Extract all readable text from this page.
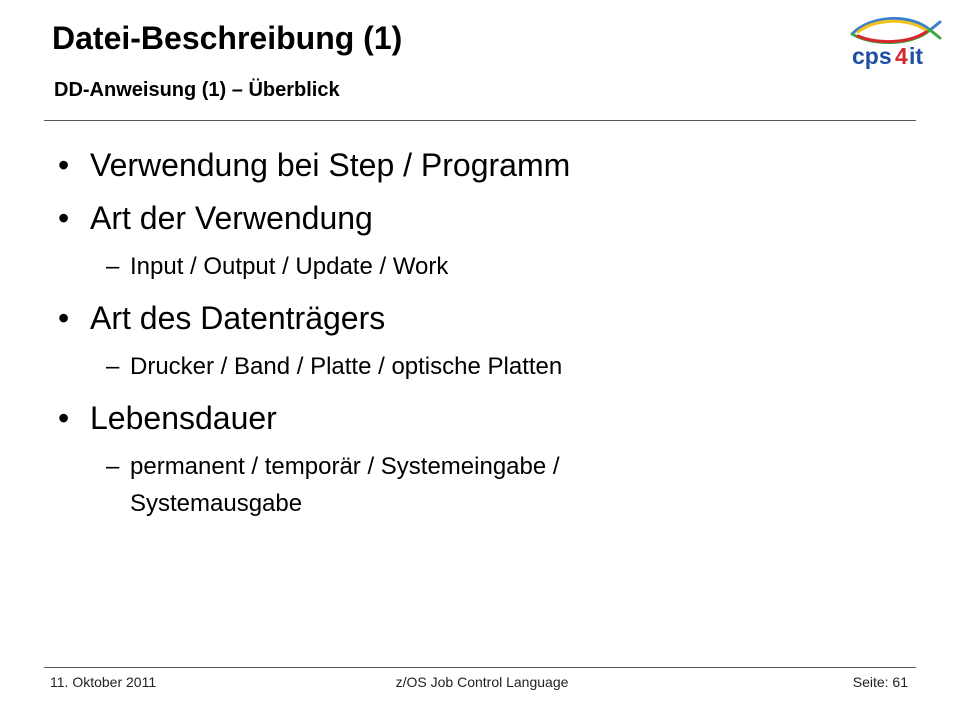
Datei-Beschreibung (1)
DD-Anweisung (1) – Überblick
cps 4 it
• Verwendung bei Step / Programm
• Art der Verwendung
– Input / Output / Update / Work
• Art des Datenträgers
– Drucker / Band / Platte / optische Platten
• Lebensdauer
– permanent / temporär / Systemeingabe /
Systemausgabe
11. Oktober 2011	z/OS Job Control Language	Seite: 61
